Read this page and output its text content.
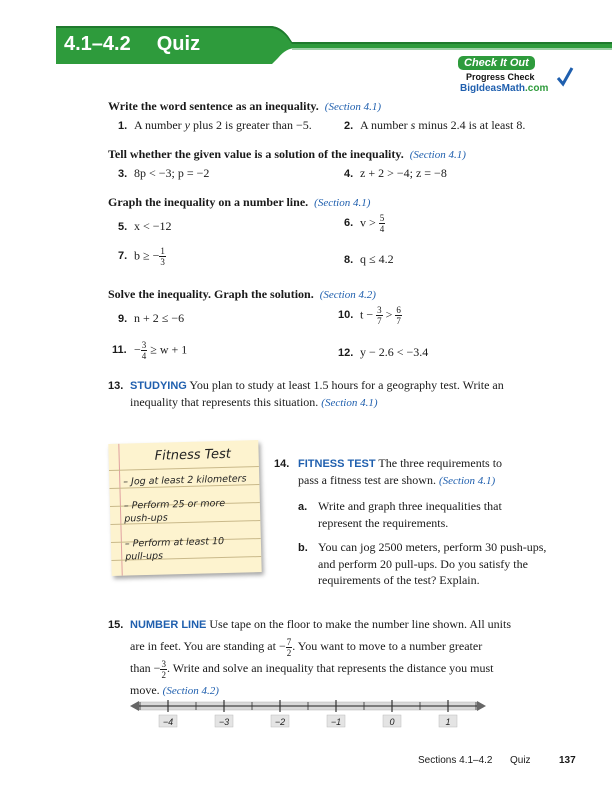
4.1–4.2 Quiz
Check It Out
Progress Check
BigIdeasMath.com
Write the word sentence as an inequality. (Section 4.1)
1. A number y plus 2 is greater than −5.	2. A number s minus 2.4 is at least 8.
Tell whether the given value is a solution of the inequality. (Section 4.1)
3. 8p < −3; p = −2	4. z + 2 > −4; z = −8
Graph the inequality on a number line. (Section 4.1)
5. x < −12	6. $v > \frac{5}{4}$
7. b ≥ − $\frac{1}{3}$	8. q ≤ 4.2
Solve the inequality. Graph the solution. (Section 4.2)
9. n + 2 ≤ −6	10. $t - \frac{3}{7} > \frac{6}{7}$
11. − $\frac{3}{4} \ge w + 1$	12. y − 2.6 < −3.4
13. STUDYING You plan to study at least 1.5 hours for a geography test. Write an
inequality that represents this situation. (Section 4.1)
Fitness Test
– Jog at least 2 kilometers
– Perform 25 or more push-ups
– Perform at least 10 pull-ups
14. FITNESS TEST The three requirements to
pass a fitness test are shown. (Section 4.1)
a. Write and graph three inequalities that
represent the requirements.
b. You can jog 2500 meters, perform 30 push-ups,
and perform 20 pull-ups. Do you satisfy the
requirements of the test? Explain.
15. NUMBER LINE Use tape on the floor to make the number line shown. All units
are in feet. You are standing at − $\frac{7}{2}$ . You want to move to a number greater
than − $\frac{3}{2}$ . Write and solve an inequality that represents the distance you must
move. (Section 4.2)
−4	−3	−2	−1	0	1
Sections 4.1–4.2 Quiz	137
